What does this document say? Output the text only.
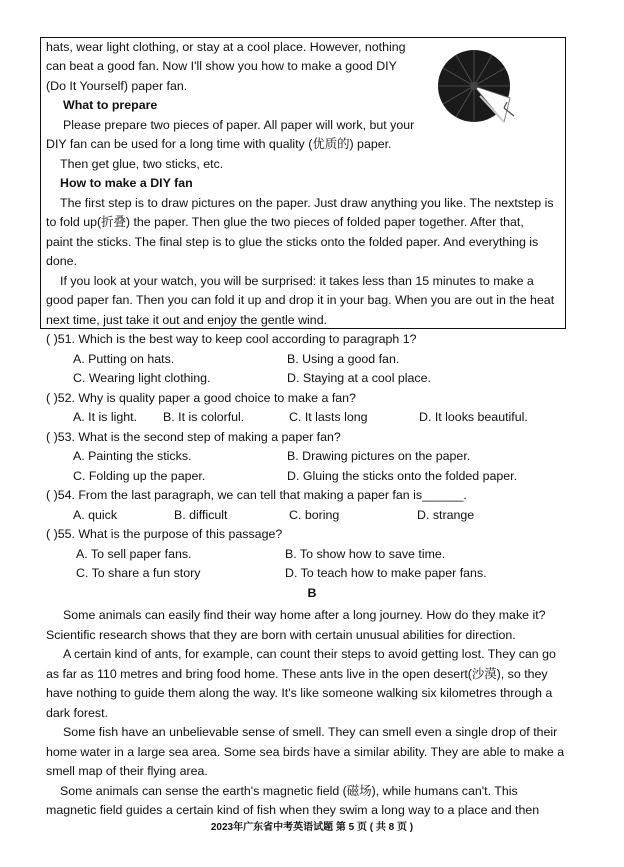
hats, wear light clothing, or stay at a cool place. However, nothing
can beat a good fan. Now I'll show you how to make a good DIY
(Do It Yourself) paper fan.
What to prepare
Please prepare two pieces of paper. All paper will work, but your
DIY fan can be used for a long time with quality (优质的) paper.
Then get glue, two sticks, etc.
How to make a DIY fan
The first step is to draw pictures on the paper. Just draw anything you like. The nextstep is
to fold up(折叠) the paper. Then glue the two pieces of folded paper together. After that,
paint the sticks. The final step is to glue the sticks onto the folded paper. And everything is
done.
If you look at your watch, you will be surprised: it takes less than 15 minutes to make a
good paper fan. Then you can fold it up and drop it in your bag. When you are out in the heat
next time, just take it out and enjoy the gentle wind.
( )51. Which is the best way to keep cool according to paragraph 1?
A. Putting on hats.	B. Using a good fan.
C. Wearing light clothing.	D. Staying at a cool place.
( )52. Why is quality paper a good choice to make a fan?
A. It is light. B. It is colorful.	C. It lasts long	D. It looks beautiful.
( )53. What is the second step of making a paper fan?
A. Painting the sticks.	B. Drawing pictures on the paper.
C. Folding up the paper.	D. Gluing the sticks onto the folded paper.
( )54. From the last paragraph, we can tell that making a paper fan is______.
A. quick	B. difficult	C. boring	D. strange
( )55. What is the purpose of this passage?
A. To sell paper fans.	B. To show how to save time.
C. To share a fun story	D. To teach how to make paper fans.
B
Some animals can easily find their way home after a long journey. How do they make it?
Scientific research shows that they are born with certain unusual abilities for direction.
A certain kind of ants, for example, can count their steps to avoid getting lost. They can go
as far as 110 metres and bring food home. These ants live in the open desert(沙漠), so they
have nothing to guide them along the way. It's like someone walking six kilometres through a
dark forest.
Some fish have an unbelievable sense of smell. They can smell even a single drop of their
home water in a large sea area. Some sea birds have a similar ability. They are able to make a
smell map of their flying area.
Some animals can sense the earth's magnetic field (磁场), while humans can't. This
magnetic field guides a certain kind of fish when they swim a long way to a place and then
2023年广东省中考英语试题 第 5 页 ( 共 8 页 )
